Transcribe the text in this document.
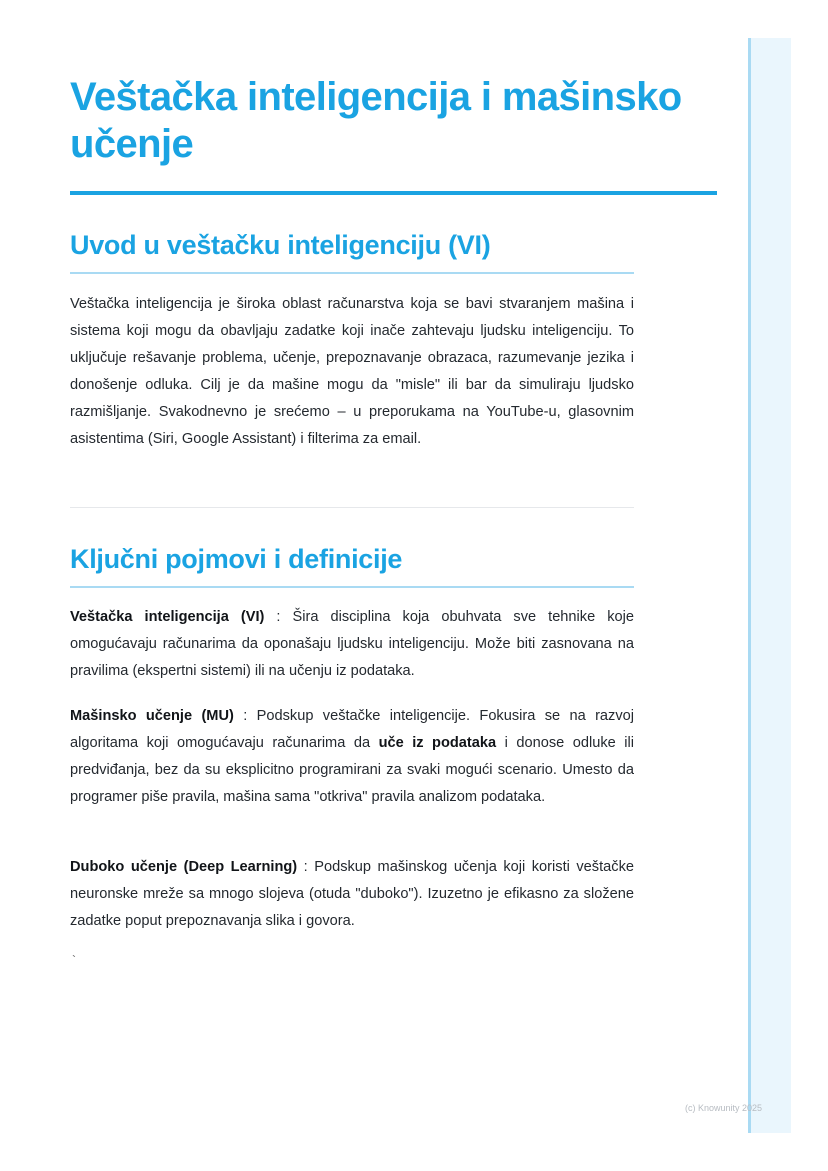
Veštačka inteligencija i mašinsko učenje
Uvod u veštačku inteligenciju (VI)

Veštačka inteligencija je široka oblast računarstva koja se bavi stvaranjem mašina i sistema koji mogu da obavljaju zadatke koji inače zahtevaju ljudsku inteligenciju. To uključuje rešavanje problema, učenje, prepoznavanje obrazaca, razumevanje jezika i donošenje odluka. Cilj je da mašine mogu da "misle" ili bar da simuliraju ljudsko razmišljanje. Svakodnevno je srećemo – u preporukama na YouTube-u, glasovnim asistentima (Siri, Google Assistant) i filterima za email.

Ključni pojmovi i definicije

Veštačka inteligencija (VI) : Šira disciplina koja obuhvata sve tehnike koje omogućavaju računarima da oponašaju ljudsku inteligenciju. Može biti zasnovana na pravilima (ekspertni sistemi) ili na učenju iz podataka.

Mašinsko učenje (MU) : Podskup veštačke inteligencije. Fokusira se na razvoj algoritama koji omogućavaju računarima da uče iz podataka i donose odluke ili predviđanja, bez da su eksplicitno programirani za svaki mogući scenario. Umesto da programer piše pravila, mašina sama "otkriva" pravila analizom podataka.

Duboko učenje (Deep Learning) : Podskup mašinskog učenja koji koristi veštačke neuronske mreže sa mnogo slojeva (otuda "duboko"). Izuzetno je efikasno za složene zadatke poput prepoznavanja slika i govora.

`
(c) Knowunity 2025
